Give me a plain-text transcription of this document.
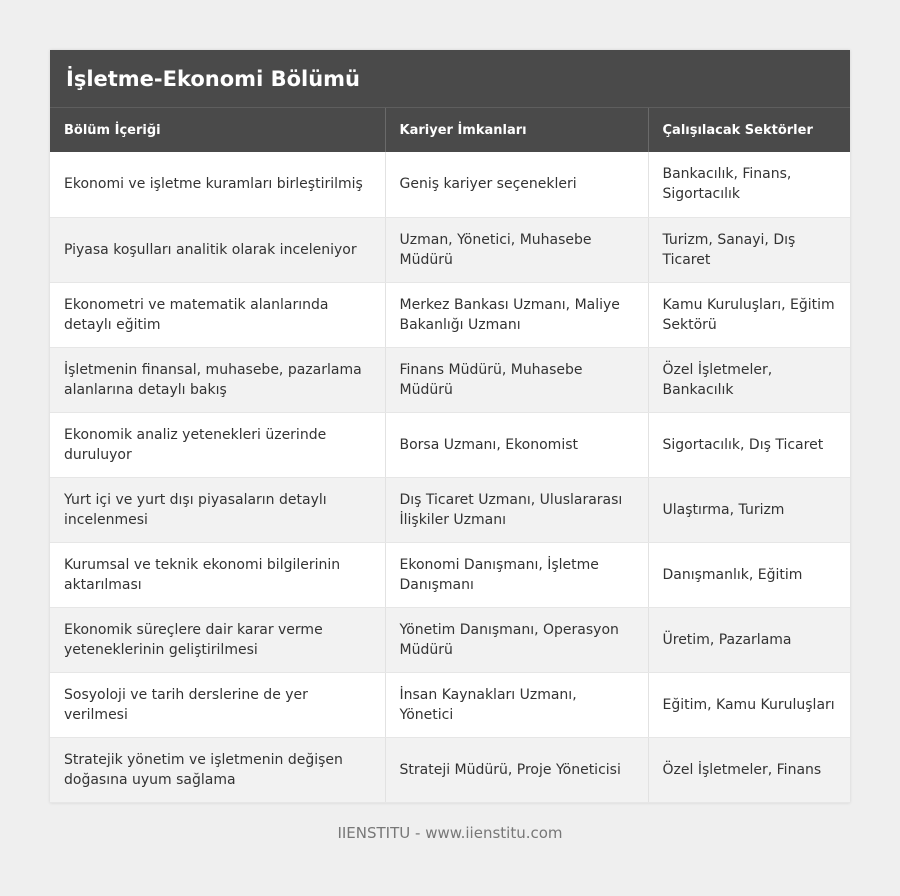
İşletme-Ekonomi Bölümü
Bölüm İçeriği	Kariyer İmkanları	Çalışılacak Sektörler
Ekonomi ve işletme kuramları birleştirilmiş	Geniş kariyer seçenekleri	Bankacılık, Finans, Sigortacılık
Piyasa koşulları analitik olarak inceleniyor	Uzman, Yönetici, Muhasebe Müdürü	Turizm, Sanayi, Dış Ticaret
Ekonometri ve matematik alanlarında detaylı eğitim	Merkez Bankası Uzmanı, Maliye Bakanlığı Uzmanı	Kamu Kuruluşları, Eğitim Sektörü
İşletmenin finansal, muhasebe, pazarlama alanlarına detaylı bakış	Finans Müdürü, Muhasebe Müdürü	Özel İşletmeler, Bankacılık
Ekonomik analiz yetenekleri üzerinde duruluyor	Borsa Uzmanı, Ekonomist	Sigortacılık, Dış Ticaret
Yurt içi ve yurt dışı piyasaların detaylı incelenmesi	Dış Ticaret Uzmanı, Uluslararası İlişkiler Uzmanı	Ulaştırma, Turizm
Kurumsal ve teknik ekonomi bilgilerinin aktarılması	Ekonomi Danışmanı, İşletme Danışmanı	Danışmanlık, Eğitim
Ekonomik süreçlere dair karar verme yeteneklerinin geliştirilmesi	Yönetim Danışmanı, Operasyon Müdürü	Üretim, Pazarlama
Sosyoloji ve tarih derslerine de yer verilmesi	İnsan Kaynakları Uzmanı, Yönetici	Eğitim, Kamu Kuruluşları
Stratejik yönetim ve işletmenin değişen doğasına uyum sağlama	Strateji Müdürü, Proje Yöneticisi	Özel İşletmeler, Finans
IIENSTITU - www.iienstitu.com
